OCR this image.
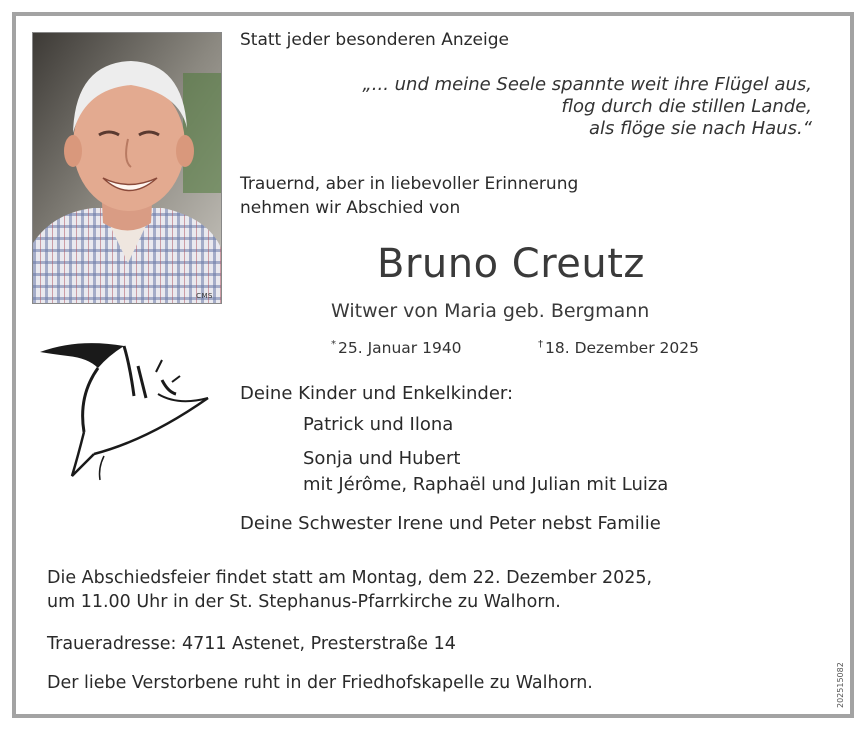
CMS
Statt jeder besonderen Anzeige
„... und meine Seele spannte weit ihre Flügel aus,
flog durch die stillen Lande,
als flöge sie nach Haus.“
Trauernd, aber in liebevoller Erinnerung
nehmen wir Abschied von
Bruno Creutz
Witwer von Maria geb. Bergmann
* 25. Januar 1940	† 18. Dezember 2025
Deine Kinder und Enkelkinder:
Patrick und Ilona
Sonja und Hubert
mit Jérôme, Raphaël und Julian mit Luiza
Deine Schwester Irene und Peter nebst Familie
Die Abschiedsfeier findet statt am Montag, dem 22. Dezember 2025,
um 11.00 Uhr in der St. Stephanus-Pfarrkirche zu Walhorn.
Traueradresse: 4711 Astenet, Presterstraße 14
Der liebe Verstorbene ruht in der Friedhofskapelle zu Walhorn.	202515082
